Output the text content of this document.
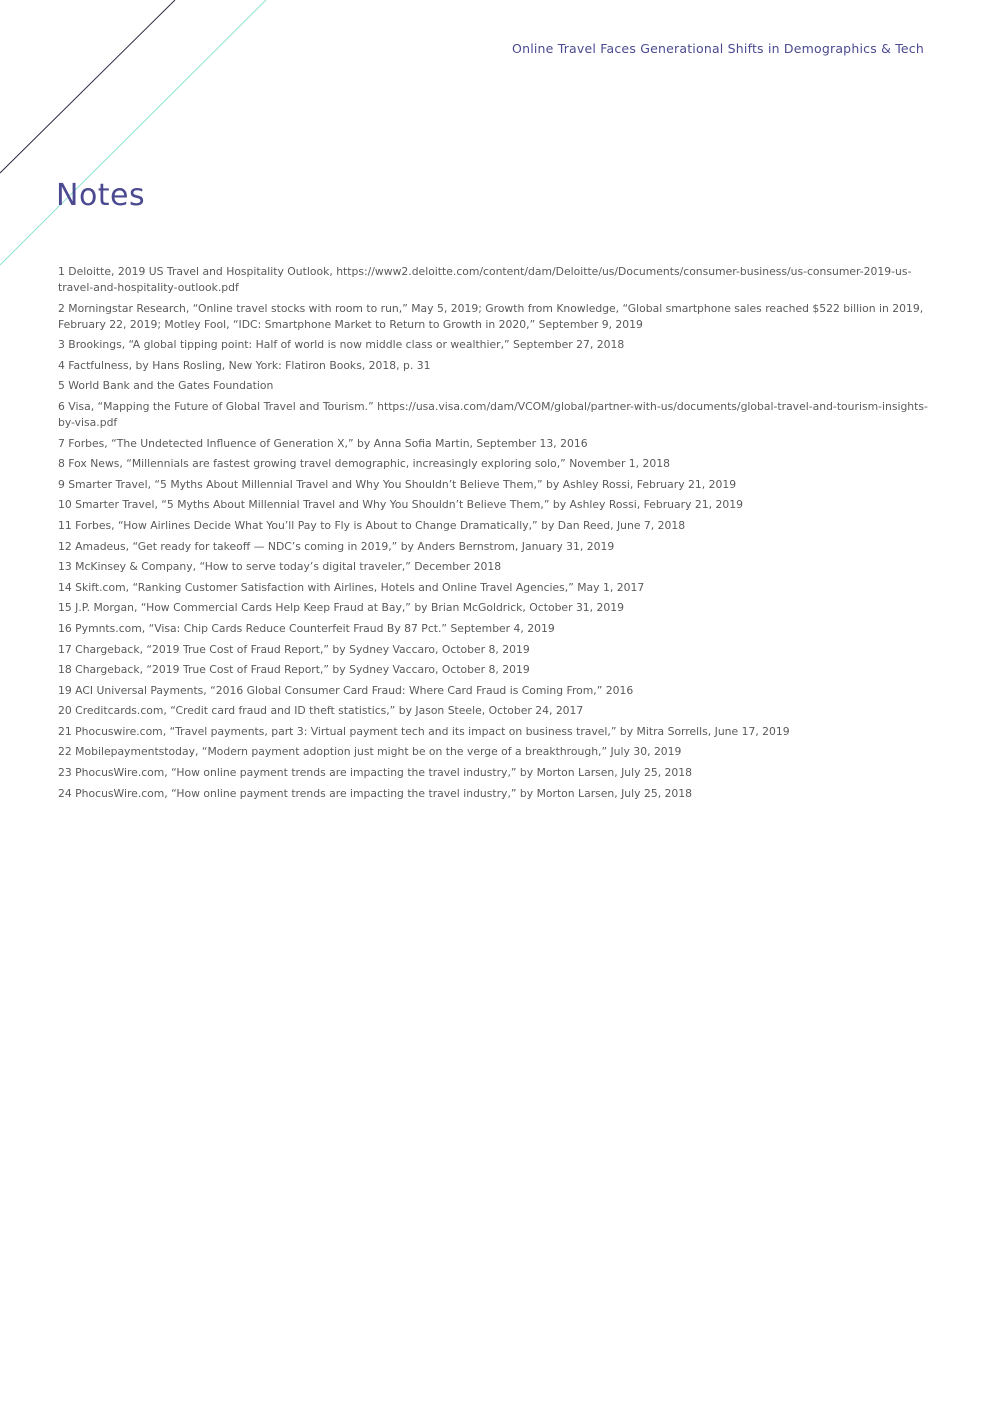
Online Travel Faces Generational Shifts in Demographics & Tech
Notes
1 Deloitte, 2019 US Travel and Hospitality Outlook, https://www2.deloitte.com/content/dam/Deloitte/us/Documents/consumer-business/us-consumer-2019-us-travel-and-hospitality-outlook.pdf
2 Morningstar Research, “Online travel stocks with room to run,” May 5, 2019; Growth from Knowledge, “Global smartphone sales reached $522 billion in 2019, February 22, 2019; Motley Fool, “IDC: Smartphone Market to Return to Growth in 2020,” September 9, 2019
3 Brookings, “A global tipping point: Half of world is now middle class or wealthier,” September 27, 2018
4 Factfulness, by Hans Rosling, New York: Flatiron Books, 2018, p. 31
5 World Bank and the Gates Foundation
6 Visa, “Mapping the Future of Global Travel and Tourism.” https://usa.visa.com/dam/VCOM/global/partner-with-us/documents/global-travel-and-tourism-insights-by-visa.pdf
7 Forbes, “The Undetected Influence of Generation X,” by Anna Sofia Martin, September 13, 2016
8 Fox News, “Millennials are fastest growing travel demographic, increasingly exploring solo,” November 1, 2018
9 Smarter Travel, “5 Myths About Millennial Travel and Why You Shouldn’t Believe Them,” by Ashley Rossi, February 21, 2019
10 Smarter Travel, “5 Myths About Millennial Travel and Why You Shouldn’t Believe Them,” by Ashley Rossi, February 21, 2019
11 Forbes, “How Airlines Decide What You’ll Pay to Fly is About to Change Dramatically,” by Dan Reed, June 7, 2018
12 Amadeus, “Get ready for takeoff — NDC’s coming in 2019,” by Anders Bernstrom, January 31, 2019
13 McKinsey & Company, “How to serve today’s digital traveler,” December 2018
14 Skift.com, “Ranking Customer Satisfaction with Airlines, Hotels and Online Travel Agencies,” May 1, 2017
15 J.P. Morgan, “How Commercial Cards Help Keep Fraud at Bay,” by Brian McGoldrick, October 31, 2019
16 Pymnts.com, “Visa: Chip Cards Reduce Counterfeit Fraud By 87 Pct.” September 4, 2019
17 Chargeback, “2019 True Cost of Fraud Report,” by Sydney Vaccaro, October 8, 2019
18 Chargeback, “2019 True Cost of Fraud Report,” by Sydney Vaccaro, October 8, 2019
19 ACI Universal Payments, “2016 Global Consumer Card Fraud: Where Card Fraud is Coming From,” 2016
20 Creditcards.com, “Credit card fraud and ID theft statistics,” by Jason Steele, October 24, 2017
21 Phocuswire.com, “Travel payments, part 3: Virtual payment tech and its impact on business travel,” by Mitra Sorrells, June 17, 2019
22 Mobilepaymentstoday, “Modern payment adoption just might be on the verge of a breakthrough,” July 30, 2019
23 PhocusWire.com, “How online payment trends are impacting the travel industry,” by Morton Larsen, July 25, 2018
24 PhocusWire.com, “How online payment trends are impacting the travel industry,” by Morton Larsen, July 25, 2018
